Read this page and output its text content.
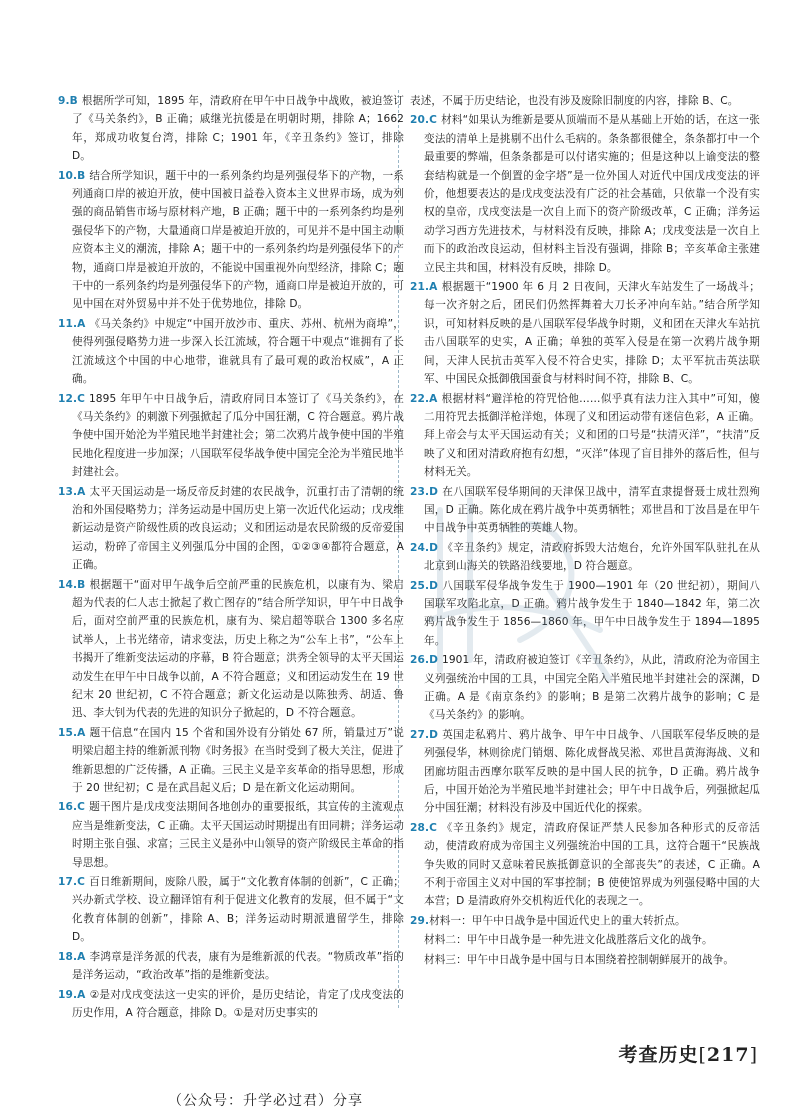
9.B 根据所学可知，1895 年，清政府在甲午中日战争中战败，被迫签订了《马关条约》，B 正确；戚继光抗倭是在明朝时期，排除 A；1662 年，郑成功收复台湾，排除 C；1901 年，《辛丑条约》签订，排除 D。

10.B 结合所学知识，题干中的一系列条约均是列强侵华下的产物，一系列通商口岸的被迫开放，使中国被日益卷入资本主义世界市场，成为列强的商品销售市场与原材料产地，B 正确；题干中的一系列条约均是列强侵华下的产物，大量通商口岸是被迫开放的，可见并不是中国主动顺应资本主义的潮流，排除 A；题干中的一系列条约均是列强侵华下的产物，通商口岸是被迫开放的，不能说中国重视外向型经济，排除 C；题干中的一系列条约均是列强侵华下的产物，通商口岸是被迫开放的，可见中国在对外贸易中并不处于优势地位，排除 D。

11.A 《马关条约》中规定“中国开放沙市、重庆、苏州、杭州为商埠”，使得列强侵略势力进一步深入长江流域，符合题干中观点“谁拥有了长江流域这个中国的中心地带，谁就具有了最可观的政治权威”，A 正确。

12.C 1895 年甲午中日战争后，清政府同日本签订了《马关条约》，在《马关条约》的刺激下列强掀起了瓜分中国狂潮，C 符合题意。鸦片战争使中国开始沦为半殖民地半封建社会；第二次鸦片战争使中国的半殖民地化程度进一步加深；八国联军侵华战争使中国完全沦为半殖民地半封建社会。

13.A 太平天国运动是一场反帝反封建的农民战争，沉重打击了清朝的统治和外国侵略势力；洋务运动是中国历史上第一次近代化运动；戊戌维新运动是资产阶级性质的改良运动；义和团运动是农民阶级的反帝爱国运动，粉碎了帝国主义列强瓜分中国的企图，①②③④都符合题意，A 正确。

14.B 根据题干“面对甲午战争后空前严重的民族危机，以康有为、梁启超为代表的仁人志士掀起了救亡图存的”结合所学知识，甲午中日战争后，面对空前严重的民族危机，康有为、梁启超等联合 1300 多名应试举人，上书光绪帝，请求变法，历史上称之为“公车上书”，“公车上书揭开了维新变法运动的序幕，B 符合题意；洪秀全领导的太平天国运动发生在甲午中日战争以前，A 不符合题意；义和团运动发生在 19 世纪末 20 世纪初，C 不符合题意；新文化运动是以陈独秀、胡适、鲁迅、李大钊为代表的先进的知识分子掀起的，D 不符合题意。

15.A 题干信息“在国内 15 个省和国外设有分销处 67 所，销量过万”说明梁启超主持的维新派刊物《时务报》在当时受到了极大关注，促进了维新思想的广泛传播，A 正确。三民主义是辛亥革命的指导思想，形成于 20 世纪初；C 是在武昌起义后；D 是在新文化运动期间。

16.C 题干图片是戊戌变法期间各地创办的重要报纸，其宣传的主流观点应当是维新变法，C 正确。太平天国运动时期提出有田同耕；洋务运动时期主张自强、求富；三民主义是孙中山领导的资产阶级民主革命的指导思想。

17.C 百日维新期间，废除八股，属于“文化教育体制的创新”，C 正确；兴办新式学校、设立翻译馆有利于促进文化教育的发展，但不属于“文化教育体制的创新”，排除 A、B；洋务运动时期派遣留学生，排除 D。

18.A 李鸿章是洋务派的代表，康有为是维新派的代表。“物质改革”指的是洋务运动，“政治改革”指的是维新变法。

19.A ②是对戊戌变法这一史实的评价，是历史结论，肯定了戊戌变法的历史作用，A 符合题意，排除 D。①是对历史事实的

表述，不属于历史结论，也没有涉及废除旧制度的内容，排除 B、C。

20.C 材料“如果认为维新是要从顶端而不是从基础上开始的话，在这一张变法的清单上是挑剔不出什么毛病的。条条都很健全，条条都打中一个最重要的弊端，但条条都是可以付诸实施的；但是这种以上谕变法的整套结构就是一个倒置的金字塔”是一位外国人对近代中国戊戌变法的评价，他想要表达的是戊戌变法没有广泛的社会基础，只依靠一个没有实权的皇帝，戊戌变法是一次自上而下的资产阶级改革，C 正确；洋务运动学习西方先进技术，与材料没有反映，排除 A；戊戌变法是一次自上而下的政治改良运动，但材料主旨没有强调，排除 B；辛亥革命主张建立民主共和国，材料没有反映，排除 D。

21.A 根据题干“1900 年 6 月 2 日夜间，天津火车站发生了一场战斗；每一次齐射之后，团民们仍然挥舞着大刀长矛冲向车站。”结合所学知识，可知材料反映的是八国联军侵华战争时期，义和团在天津火车站抗击八国联军的史实，A 正确；单独的英军入侵是在第一次鸦片战争期间，天津人民抗击英军入侵不符合史实，排除 D；太平军抗击英法联军、中国民众抵御俄国蚕食与材料时间不符，排除 B、C。

22.A 根据材料“避洋枪的符咒恰他……似乎真有法力注入其中”可知，傻二用符咒去抵御洋枪洋炮，体现了义和团运动带有迷信色彩，A 正确。拜上帝会与太平天国运动有关；义和团的口号是“扶清灭洋”，“扶清”反映了义和团对清政府抱有幻想，“灭洋”体现了盲目排外的落后性，但与材料无关。

23.D 在八国联军侵华期间的天津保卫战中，清军直隶提督聂士成壮烈殉国，D 正确。陈化成在鸦片战争中英勇牺牲；邓世昌和丁汝昌是在甲午中日战争中英勇牺牲的英雄人物。

24.D 《辛丑条约》规定，清政府拆毁大沽炮台，允许外国军队驻扎在从北京到山海关的铁路沿线要地，D 符合题意。

25.D 八国联军侵华战争发生于 1900—1901 年（20 世纪初），期间八国联军攻陷北京，D 正确。鸦片战争发生于 1840—1842 年，第二次鸦片战争发生于 1856—1860 年，甲午中日战争发生于 1894—1895 年。

26.D 1901 年，清政府被迫签订《辛丑条约》，从此，清政府沦为帝国主义列强统治中国的工具，中国完全陷入半殖民地半封建社会的深渊，D 正确。A 是《南京条约》的影响；B 是第二次鸦片战争的影响；C 是《马关条约》的影响。

27.D 英国走私鸦片、鸦片战争、甲午中日战争、八国联军侵华反映的是列强侵华，林则徐虎门销烟、陈化成督战吴淞、邓世昌黄海海战、义和团廊坊阻击西摩尔联军反映的是中国人民的抗争，D 正确。鸦片战争后，中国开始沦为半殖民地半封建社会；甲午中日战争后，列强掀起瓜分中国狂潮；材料没有涉及中国近代化的探索。

28.C 《辛丑条约》规定，清政府保证严禁人民参加各种形式的反帝活动，使清政府成为帝国主义列强统治中国的工具，这符合题干“民族战争失败的同时又意味着民族抵御意识的全部丧失”的表述，C 正确。A 不利于帝国主义对中国的军事控制；B 使使馆界成为列强侵略中国的大本营；D 是清政府外交机构近代化的表现之一。

29.材料一：甲午中日战争是中国近代史上的重大转折点。

材料二：甲午中日战争是一种先进文化战胜落后文化的战争。

材料三：甲午中日战争是中国与日本围绕着控制朝鲜展开的战争。

考查历史[217]
（公众号：升学必过君）分享
